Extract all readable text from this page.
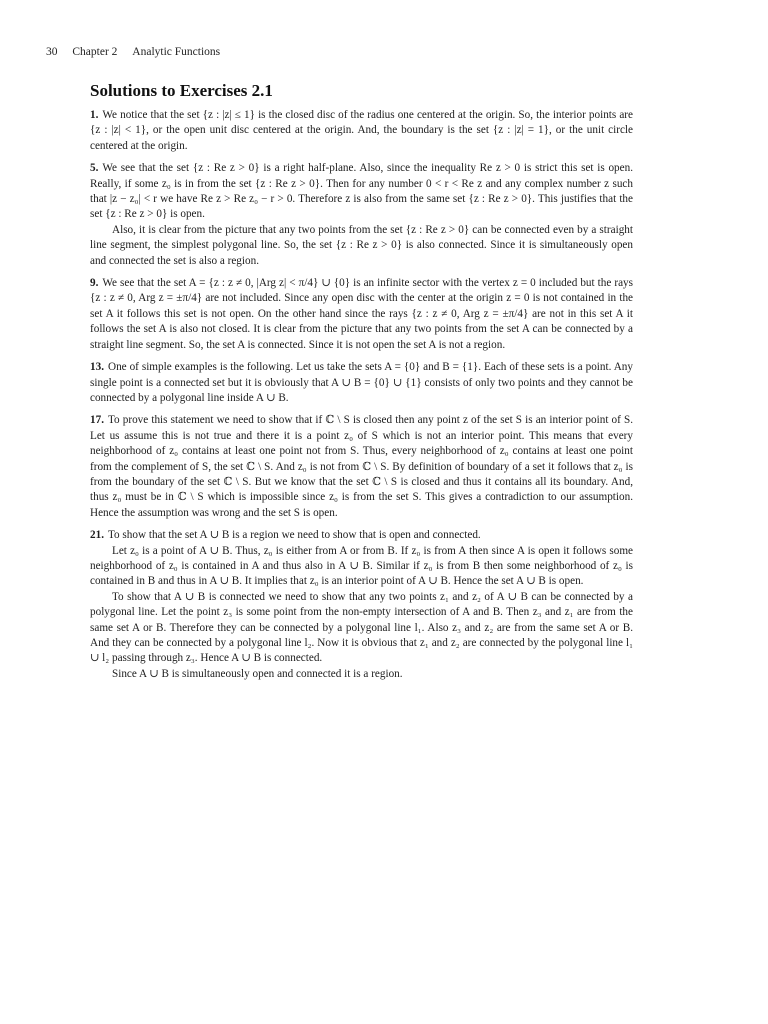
30 Chapter 2 Analytic Functions
Solutions to Exercises 2.1

1. We notice that the set {z : |z| ≤ 1} is the closed disc of the radius one centered at the origin. So, the interior points are {z : |z| < 1}, or the open unit disc centered at the origin. And, the boundary is the set {z : |z| = 1}, or the unit circle centered at the origin.

5. We see that the set {z : Re z > 0} is a right half-plane. Also, since the inequality Re z > 0 is strict this set is open. Really, if some z₀ is in from the set {z : Re z > 0}. Then for any number 0 < r < Re z and any complex number z such that |z − z₀| < r we have Re z > Re z₀ − r > 0. Therefore z is also from the same set {z : Re z > 0}. This justifies that the set {z : Re z > 0} is open.

Also, it is clear from the picture that any two points from the set {z : Re z > 0} can be connected even by a straight line segment, the simplest polygonal line. So, the set {z : Re z > 0} is also connected. Since it is simultaneously open and connected the set is also a region.

9. We see that the set A = {z : z ≠ 0, |Arg z| < π/4} ∪ {0} is an infinite sector with the vertex z = 0 included but the rays {z : z ≠ 0, Arg z = ±π/4} are not included. Since any open disc with the center at the origin z = 0 is not contained in the set A it follows this set is not open. On the other hand since the rays {z : z ≠ 0, Arg z = ±π/4} are not in this set A it follows the set A is also not closed. It is clear from the picture that any two points from the set A can be connected by a straight line segment. So, the set A is connected. Since it is not open the set A is not a region.

13. One of simple examples is the following. Let us take the sets A = {0} and B = {1}. Each of these sets is a point. Any single point is a connected set but it is obviously that A ∪ B = {0} ∪ {1} consists of only two points and they cannot be connected by a polygonal line inside A ∪ B.

17. To prove this statement we need to show that if ℂ \ S is closed then any point z of the set S is an interior point of S. Let us assume this is not true and there it is a point z₀ of S which is not an interior point. This means that every neighborhood of z₀ contains at least one point not from S. Thus, every neighborhood of z₀ contains at least one point from the complement of S, the set ℂ \ S. And z₀ is not from ℂ \ S. By definition of boundary of a set it follows that z₀ is from the boundary of the set ℂ \ S. But we know that the set ℂ \ S is closed and thus it contains all its boundary. And, thus z₀ must be in ℂ \ S which is impossible since z₀ is from the set S. This gives a contradiction to our assumption. Hence the assumption was wrong and the set S is open.

21. To show that the set A ∪ B is a region we need to show that is open and connected.

Let z₀ is a point of A ∪ B. Thus, z₀ is either from A or from B. If z₀ is from A then since A is open it follows some neighborhood of z₀ is contained in A and thus also in A ∪ B. Similar if z₀ is from B then some neighborhood of z₀ is contained in B and thus in A ∪ B. It implies that z₀ is an interior point of A ∪ B. Hence the set A ∪ B is open.

To show that A ∪ B is connected we need to show that any two points z₁ and z₂ of A ∪ B can be connected by a polygonal line. Let the point z₃ is some point from the non-empty intersection of A and B. Then z₃ and z₁ are from the same set A or B. Therefore they can be connected by a polygonal line l₁. Also z₃ and z₂ are from the same set A or B. And they can be connected by a polygonal line l₂. Now it is obvious that z₁ and z₂ are connected by the polygonal line l₁ ∪ l₂ passing through z₃. Hence A ∪ B is connected.

Since A ∪ B is simultaneously open and connected it is a region.
